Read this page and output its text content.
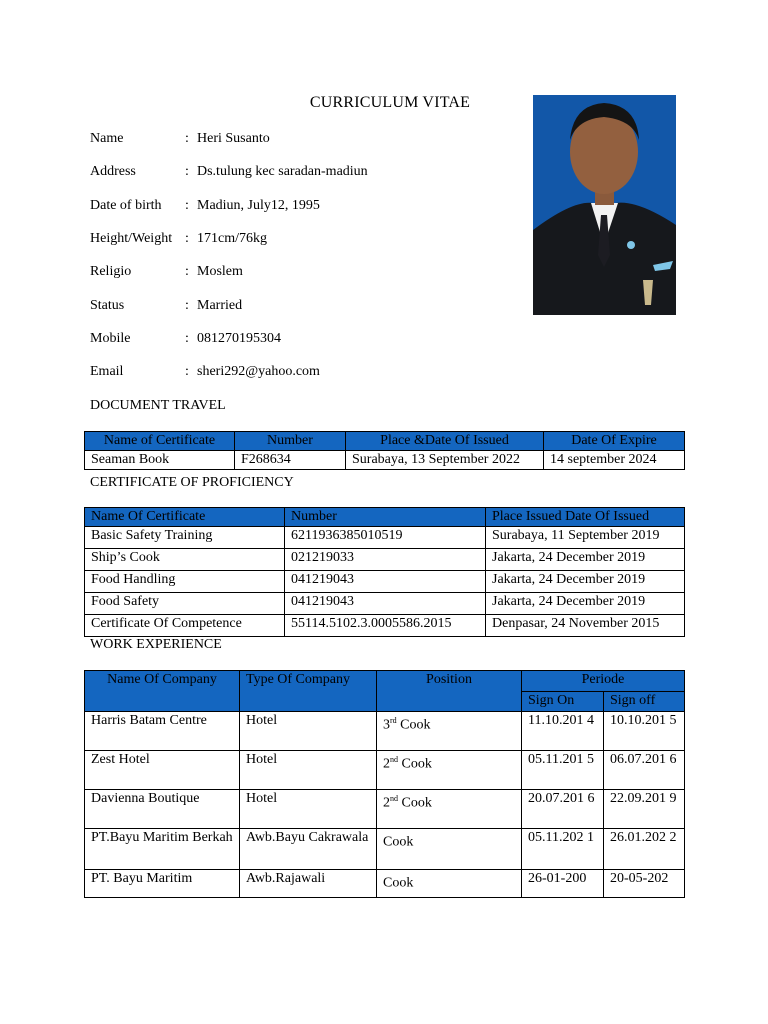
CURRICULUM VITAE
Name	: Heri Susanto
Address	: Ds.tulung kec saradan-madiun
Date of birth	: Madiun, July12, 1995
Height/Weight : 171cm/76kg
Religio	: Moslem
Status	: Married
Mobile	: 081270195304
Email	: sheri292@yahoo.com
DOCUMENT TRAVEL
Name of Certificate	Number	Place &Date Of Issued	Date Of Expire
Seaman Book	F268634	Surabaya, 13 September 2022	14 september 2024
CERTIFICATE OF PROFICIENCY
Name Of Certificate	Number	Place Issued Date Of Issued
Basic Safety Training	6211936385010519	Surabaya, 11 September 2019
Ship’s Cook	021219033	Jakarta, 24 December 2019
Food Handling	041219043	Jakarta, 24 December 2019
Food Safety	041219043	Jakarta, 24 December 2019
Certificate Of Competence	55114.5102.3.0005586.2015	Denpasar, 24 November 2015
WORK EXPERIENCE
Name Of Company	Type Of Company	Position	Periode	
			Sign On	Sign off
Harris Batam Centre	Hotel	3rd Cook	11.10.201 4	10.10.201 5
Zest Hotel	Hotel	2nd Cook	05.11.201 5	06.07.201 6
Davienna Boutique	Hotel	2nd Cook	20.07.201 6	22.09.201 9
PT.Bayu Maritim Berkah	Awb.Bayu Cakrawala	Cook	05.11.202 1	26.01.202 2
PT. Bayu Maritim	Awb.Rajawali	Cook	26-01-200	20-05-202
